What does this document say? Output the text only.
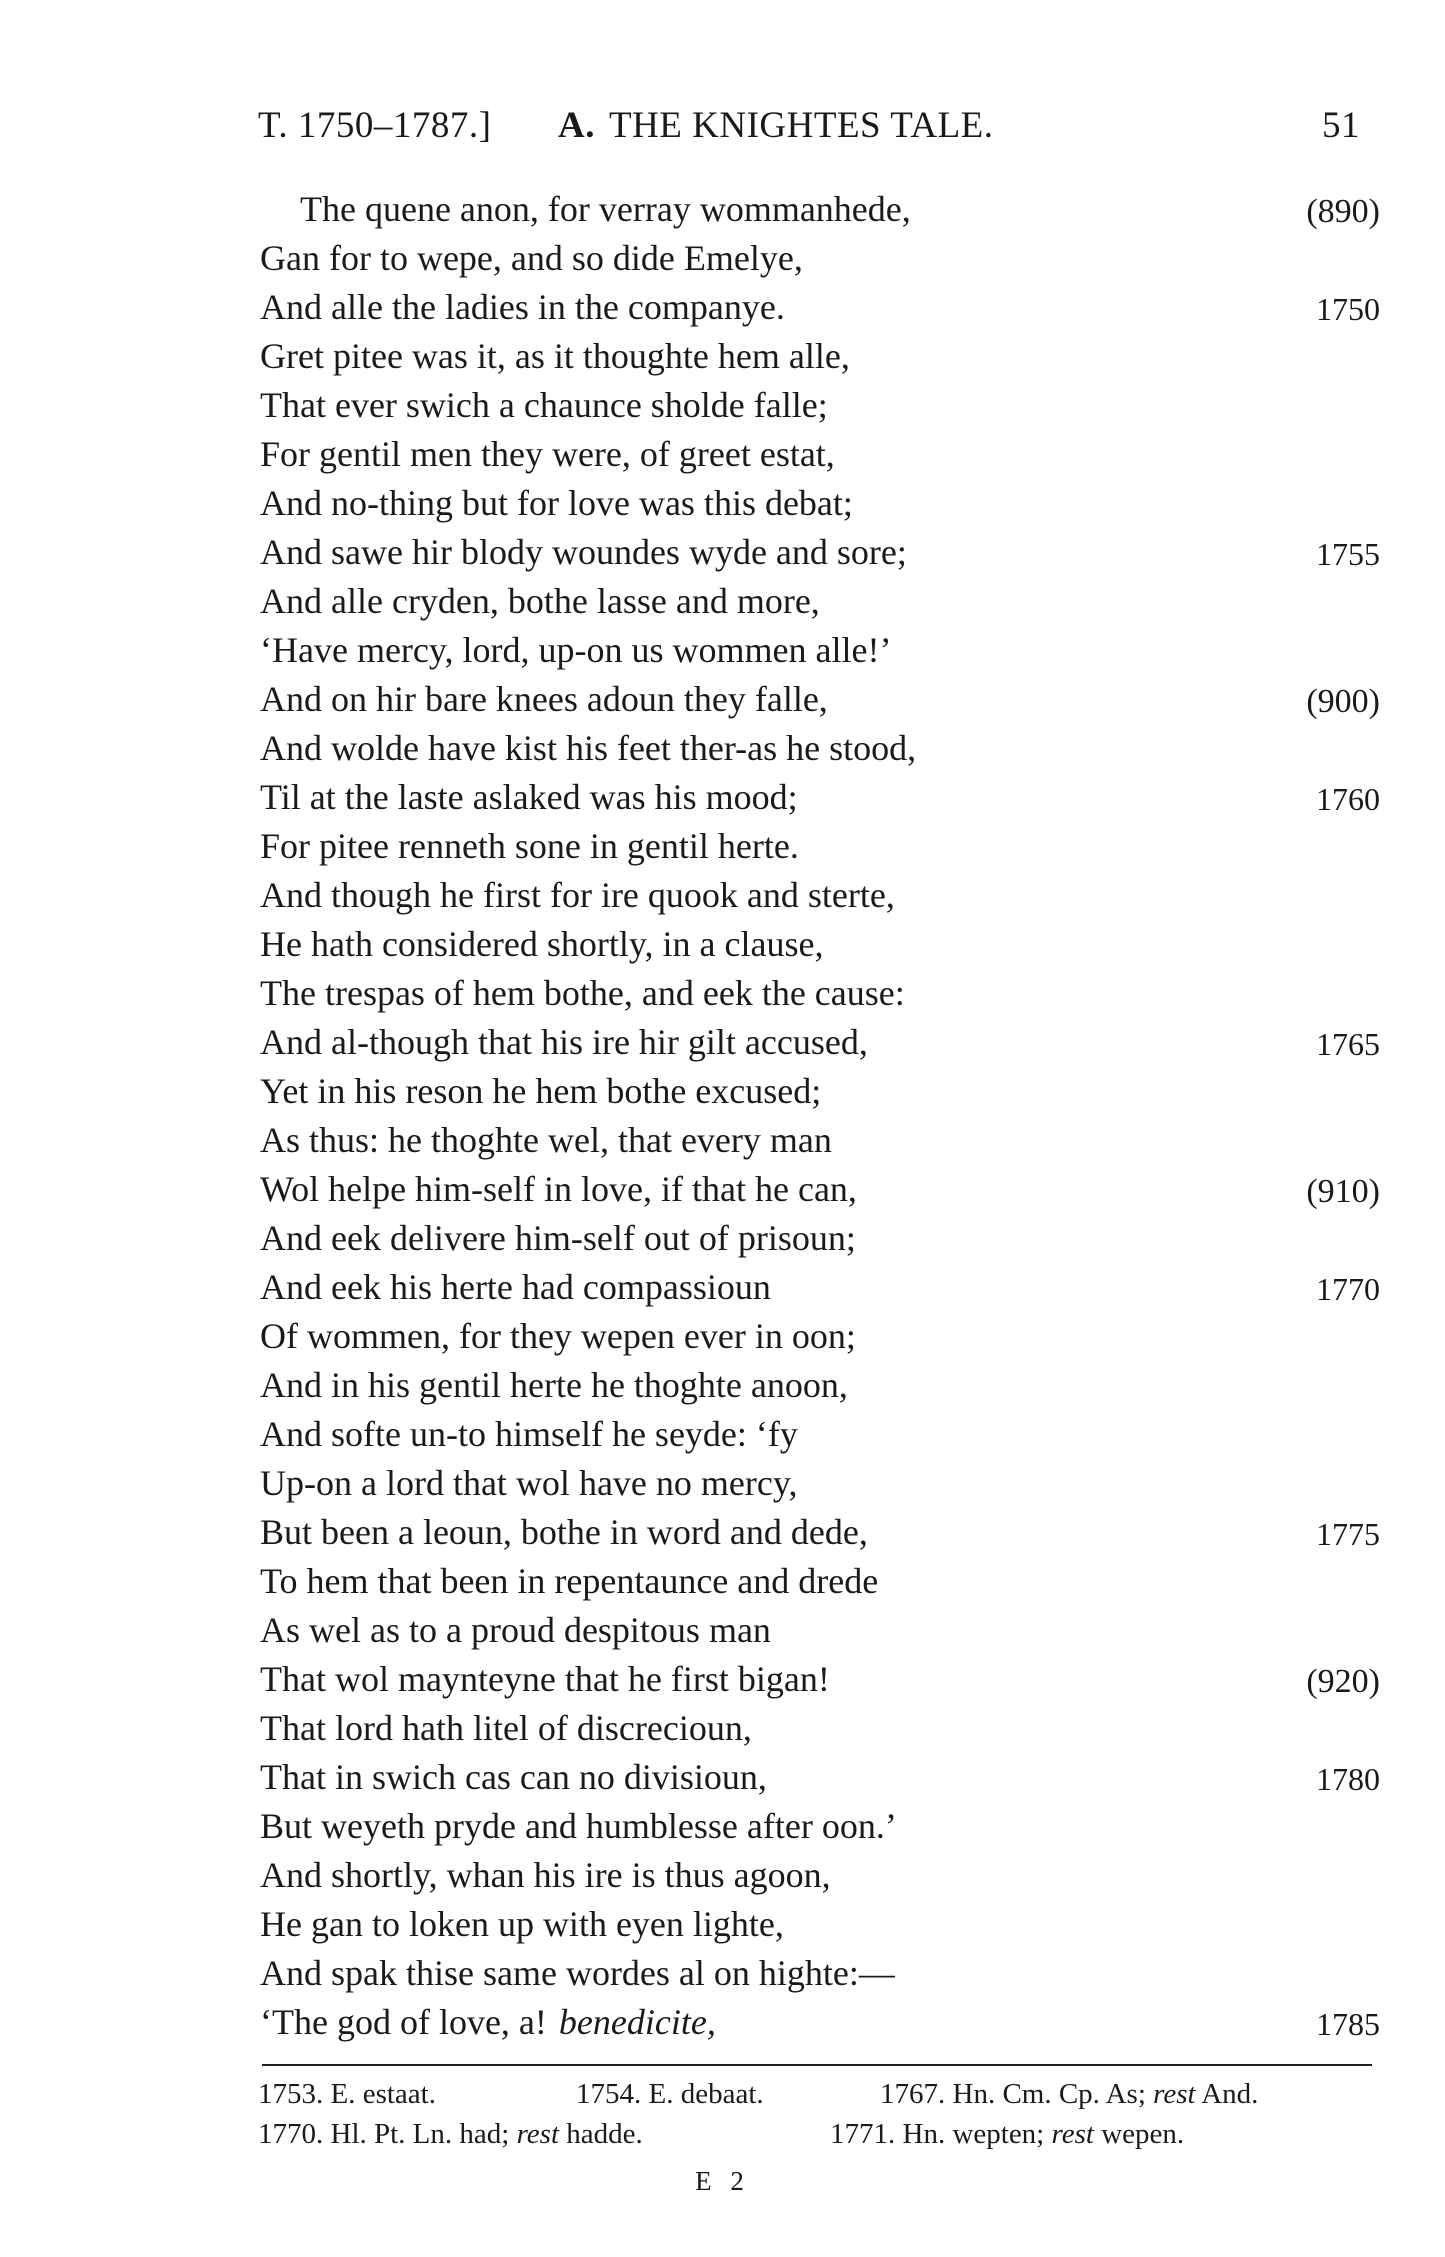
T. 1750–1787.] A. THE KNIGHTES TALE.	51
The quene anon, for verray wommanhede,	(890)
Gan for to wepe, and so dide Emelye,
And alle the ladies in the companye.	1750
Gret pitee was it, as it thoughte hem alle,
That ever swich a chaunce sholde falle;
For gentil men they were, of greet estat,
And no-thing but for love was this debat;
And sawe hir blody woundes wyde and sore;	1755
And alle cryden, bothe lasse and more,
‘Have mercy, lord, up-on us wommen alle!’
And on hir bare knees adoun they falle,	(900)
And wolde have kist his feet ther-as he stood,
Til at the laste aslaked was his mood;	1760
For pitee renneth sone in gentil herte.
And though he first for ire quook and sterte,
He hath considered shortly, in a clause,
The trespas of hem bothe, and eek the cause:
And al-though that his ire hir gilt accused,	1765
Yet in his reson he hem bothe excused;
As thus: he thoghte wel, that every man
Wol helpe him-self in love, if that he can,	(910)
And eek delivere him-self out of prisoun;
And eek his herte had compassioun	1770
Of wommen, for they wepen ever in oon;
And in his gentil herte he thoghte anoon,
And softe un-to himself he seyde: ‘fy
Up-on a lord that wol have no mercy,
But been a leoun, bothe in word and dede,	1775
To hem that been in repentaunce and drede
As wel as to a proud despitous man
That wol maynteyne that he first bigan!	(920)
That lord hath litel of discrecioun,
That in swich cas can no divisioun,	1780
But weyeth pryde and humblesse after oon.’
And shortly, whan his ire is thus agoon,
He gan to loken up with eyen lighte,
And spak thise same wordes al on highte:—
‘The god of love, a! benedicite,	1785
1753. E. estaat.	1754. E. debaat.	1767. Hn. Cm. Cp. As; rest And.
1770. Hl. Pt. Ln. had; rest hadde.	1771. Hn. wepten; rest wepen.
E 2
